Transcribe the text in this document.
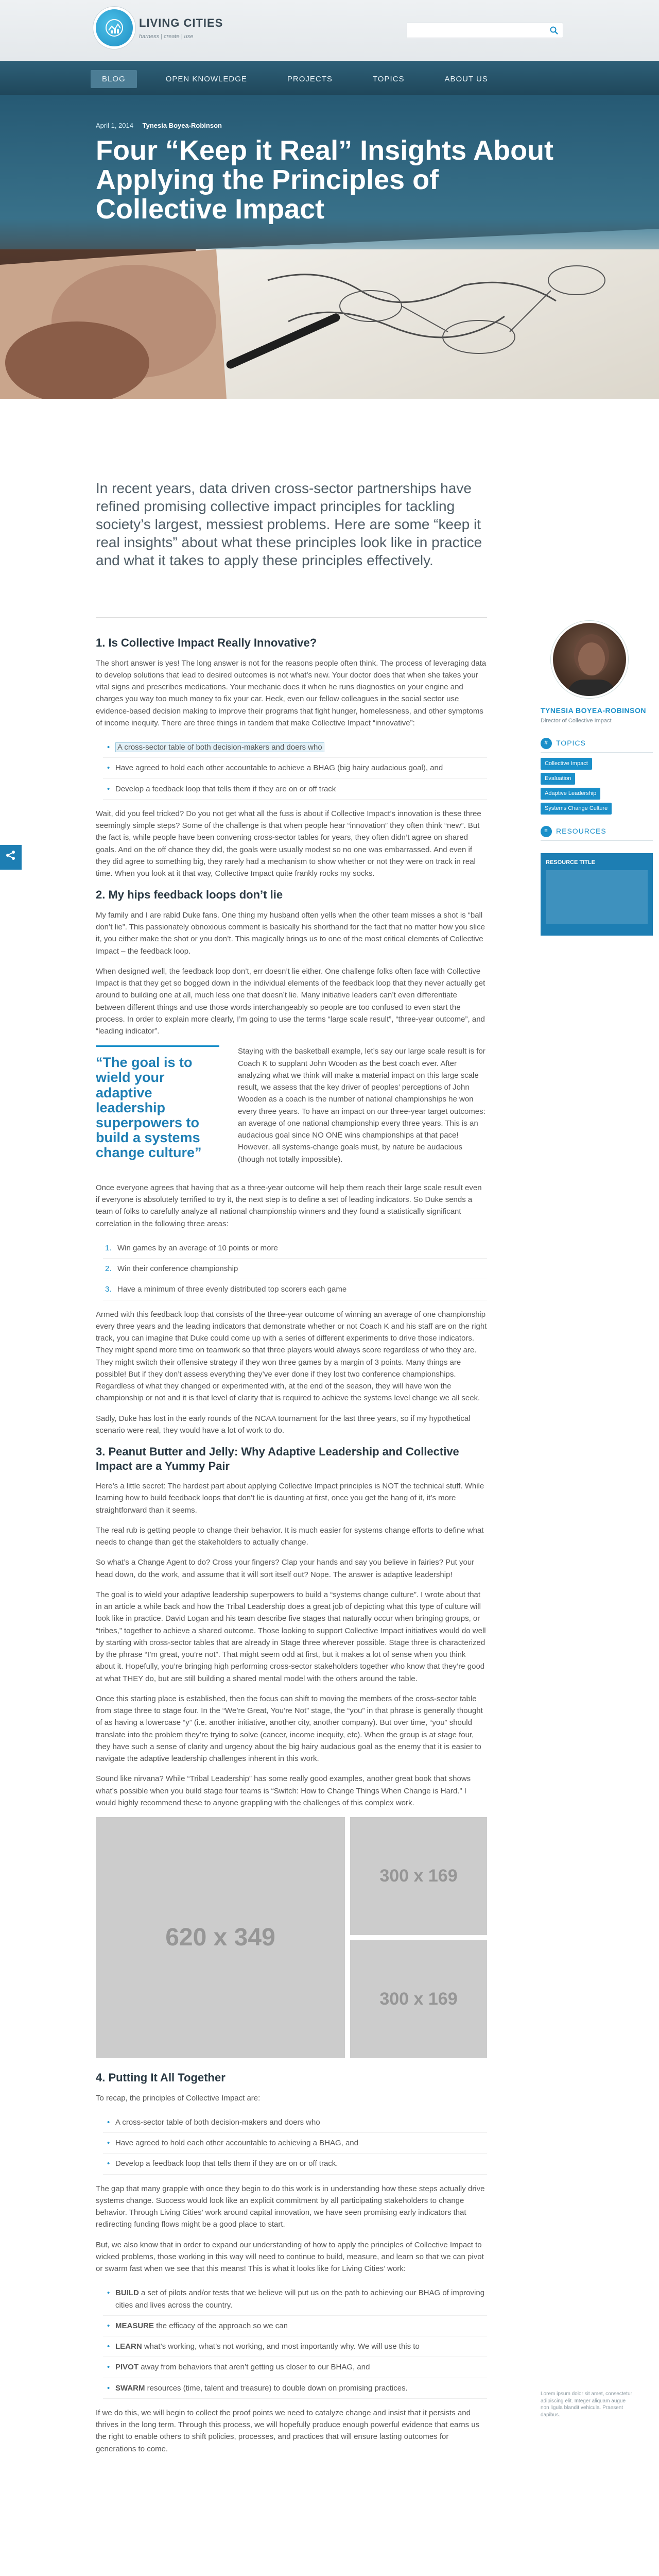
LIVING CITIES
harness | create | use
BLOG	OPEN KNOWLEDGE	PROJECTS	TOPICS	ABOUT US
April 1, 2014 Tynesia Boyea-Robinson
Four “Keep it Real” Insights About Applying the Principles of Collective Impact

In recent years, data driven cross-sector partnerships have refined promising collective impact principles for tackling society’s largest, messiest problems. Here are some “keep it real insights” about what these principles look like in practice and what it takes to apply these principles effectively.

1. Is Collective Impact Really Innovative?

The short answer is yes! The long answer is not for the reasons people often think. The process of leveraging data to develop solutions that lead to desired outcomes is not what’s new. Your doctor does that when she takes your vital signs and prescribes medications. Your mechanic does it when he runs diagnostics on your engine and charges you way too much money to fix your car. Heck, even our fellow colleagues in the social sector use evidence-based decision making to improve their programs that fight hunger, homelessness, and other symptoms of income inequity. There are three things in tandem that make Collective Impact “innovative”:

• A cross-sector table of both decision-makers and doers who
• Have agreed to hold each other accountable to achieve a BHAG (big hairy audacious goal), and
• Develop a feedback loop that tells them if they are on or off track

Wait, did you feel tricked? Do you not get what all the fuss is about if Collective Impact’s innovation is these three seemingly simple steps? Some of the challenge is that when people hear “innovation” they often think “new”. But the fact is, while people have been convening cross-sector tables for years, they often didn’t agree on shared goals. And on the off chance they did, the goals were usually modest so no one was embarrassed. And even if they did agree to something big, they rarely had a mechanism to show whether or not they were on track in real time. When you look at it that way, Collective Impact quite frankly rocks my socks.

2. My hips feedback loops don’t lie

My family and I are rabid Duke fans. One thing my husband often yells when the other team misses a shot is “ball don’t lie”. This passionately obnoxious comment is basically his shorthand for the fact that no matter how you slice it, you either make the shot or you don’t. This magically brings us to one of the most critical elements of Collective Impact – the feedback loop.

When designed well, the feedback loop don’t, err doesn’t lie either. One challenge folks often face with Collective Impact is that they get so bogged down in the individual elements of the feedback loop that they never actually get around to building one at all, much less one that doesn’t lie. Many initiative leaders can’t even differentiate between different things and use those words interchangeably so people are too confused to even start the process. In order to explain more clearly, I’m going to use the terms “large scale result”, “three-year outcome”, and “leading indicator”.

“The goal is to wield your adaptive leadership superpowers to build a systems change culture”

Staying with the basketball example, let’s say our large scale result is for Coach K to supplant John Wooden as the best coach ever. After analyzing what we think will make a material impact on this large scale result, we assess that the key driver of peoples’ perceptions of John Wooden as a coach is the number of national championships he won every three years. To have an impact on our three-year target outcomes: an average of one national championship every three years. This is an audacious goal since NO ONE wins championships at that pace! However, all systems-change goals must, by nature be audacious (though not totally impossible).

Once everyone agrees that having that as a three-year outcome will help them reach their large scale result even if everyone is absolutely terrified to try it, the next step is to define a set of leading indicators. So Duke sends a team of folks to carefully analyze all national championship winners and they found a statistically significant correlation in the following three areas:

1. Win games by an average of 10 points or more
2. Win their conference championship
3. Have a minimum of three evenly distributed top scorers each game

Armed with this feedback loop that consists of the three-year outcome of winning an average of one championship every three years and the leading indicators that demonstrate whether or not Coach K and his staff are on the right track, you can imagine that Duke could come up with a series of different experiments to drive those indicators. They might spend more time on teamwork so that three players would always score regardless of who they are. They might switch their offensive strategy if they won three games by a margin of 3 points. Many things are possible! But if they don’t assess everything they’ve ever done if they lost two conference championships. Regardless of what they changed or experimented with, at the end of the season, they will have won the championship or not and it is that level of clarity that is required to achieve the systems level change we all seek.

Sadly, Duke has lost in the early rounds of the NCAA tournament for the last three years, so if my hypothetical scenario were real, they would have a lot of work to do.

3. Peanut Butter and Jelly: Why Adaptive Leadership and Collective Impact are a Yummy Pair

Here’s a little secret: The hardest part about applying Collective Impact principles is NOT the technical stuff. While learning how to build feedback loops that don’t lie is daunting at first, once you get the hang of it, it’s more straightforward than it seems.

The real rub is getting people to change their behavior. It is much easier for systems change efforts to define what needs to change than get the stakeholders to actually change.

So what’s a Change Agent to do? Cross your fingers? Clap your hands and say you believe in fairies? Put your head down, do the work, and assume that it will sort itself out? Nope. The answer is adaptive leadership!

The goal is to wield your adaptive leadership superpowers to build a “systems change culture”. I wrote about that in an article a while back and how the Tribal Leadership does a great job of depicting what this type of culture will look like in practice. David Logan and his team describe five stages that naturally occur when bringing groups, or “tribes,” together to achieve a shared outcome. Those looking to support Collective Impact initiatives would do well by starting with cross-sector tables that are already in Stage three wherever possible. Stage three is characterized by the phrase “I’m great, you’re not”. That might seem odd at first, but it makes a lot of sense when you think about it. Hopefully, you’re bringing high performing cross-sector stakeholders together who know that they’re good at what THEY do, but are still building a shared mental model with the others around the table.

Once this starting place is established, then the focus can shift to moving the members of the cross-sector table from stage three to stage four. In the “We’re Great, You’re Not” stage, the “you” in that phrase is generally thought of as having a lowercase “y” (i.e. another initiative, another city, another company). But over time, “you” should translate into the problem they’re trying to solve (cancer, income inequity, etc). When the group is at stage four, they have such a sense of clarity and urgency about the big hairy audacious goal as the enemy that it is easier to navigate the adaptive leadership challenges inherent in this work.

Sound like nirvana? While “Tribal Leadership” has some really good examples, another great book that shows what’s possible when you build stage four teams is “Switch: How to Change Things When Change is Hard.” I would highly recommend these to anyone grappling with the challenges of this complex work.

620 x 349
300 x 169
300 x 169
4. Putting It All Together

To recap, the principles of Collective Impact are:

• A cross-sector table of both decision-makers and doers who
• Have agreed to hold each other accountable to achieving a BHAG, and
• Develop a feedback loop that tells them if they are on or off track.

The gap that many grapple with once they begin to do this work is in understanding how these steps actually drive systems change. Success would look like an explicit commitment by all participating stakeholders to change behavior. Through Living Cities’ work around capital innovation, we have seen promising early indicators that redirecting funding flows might be a good place to start.

But, we also know that in order to expand our understanding of how to apply the principles of Collective Impact to wicked problems, those working in this way will need to continue to build, measure, and learn so that we can pivot or swarm fast when we see that this means! This is what it looks like for Living Cities’ work:

• BUILD a set of pilots and/or tests that we believe will put us on the path to achieving our BHAG of improving cities and lives across the country.
• MEASURE the efficacy of the approach so we can
• LEARN what’s working, what’s not working, and most importantly why. We will use this to
• PIVOT away from behaviors that aren’t getting us closer to our BHAG, and
• SWARM resources (time, talent and treasure) to double down on promising practices.

If we do this, we will begin to collect the proof points we need to catalyze change and insist that it persists and thrives in the long term. Through this process, we will hopefully produce enough powerful evidence that earns us the right to enable others to shift policies, processes, and practices that will ensure lasting outcomes for generations to come.

Lorem ipsum dolor sit amet, consectetur adipiscing elit. Integer aliquam augue non ligula blandit vehicula. Praesent dapibus.
TYNESIA BOYEA-ROBINSON
Director of Collective Impact
#	TOPICS
Collective Impact
Evaluation
Adaptive Leadership
Systems Change Culture
≡	RESOURCES
RESOURCE TITLE
